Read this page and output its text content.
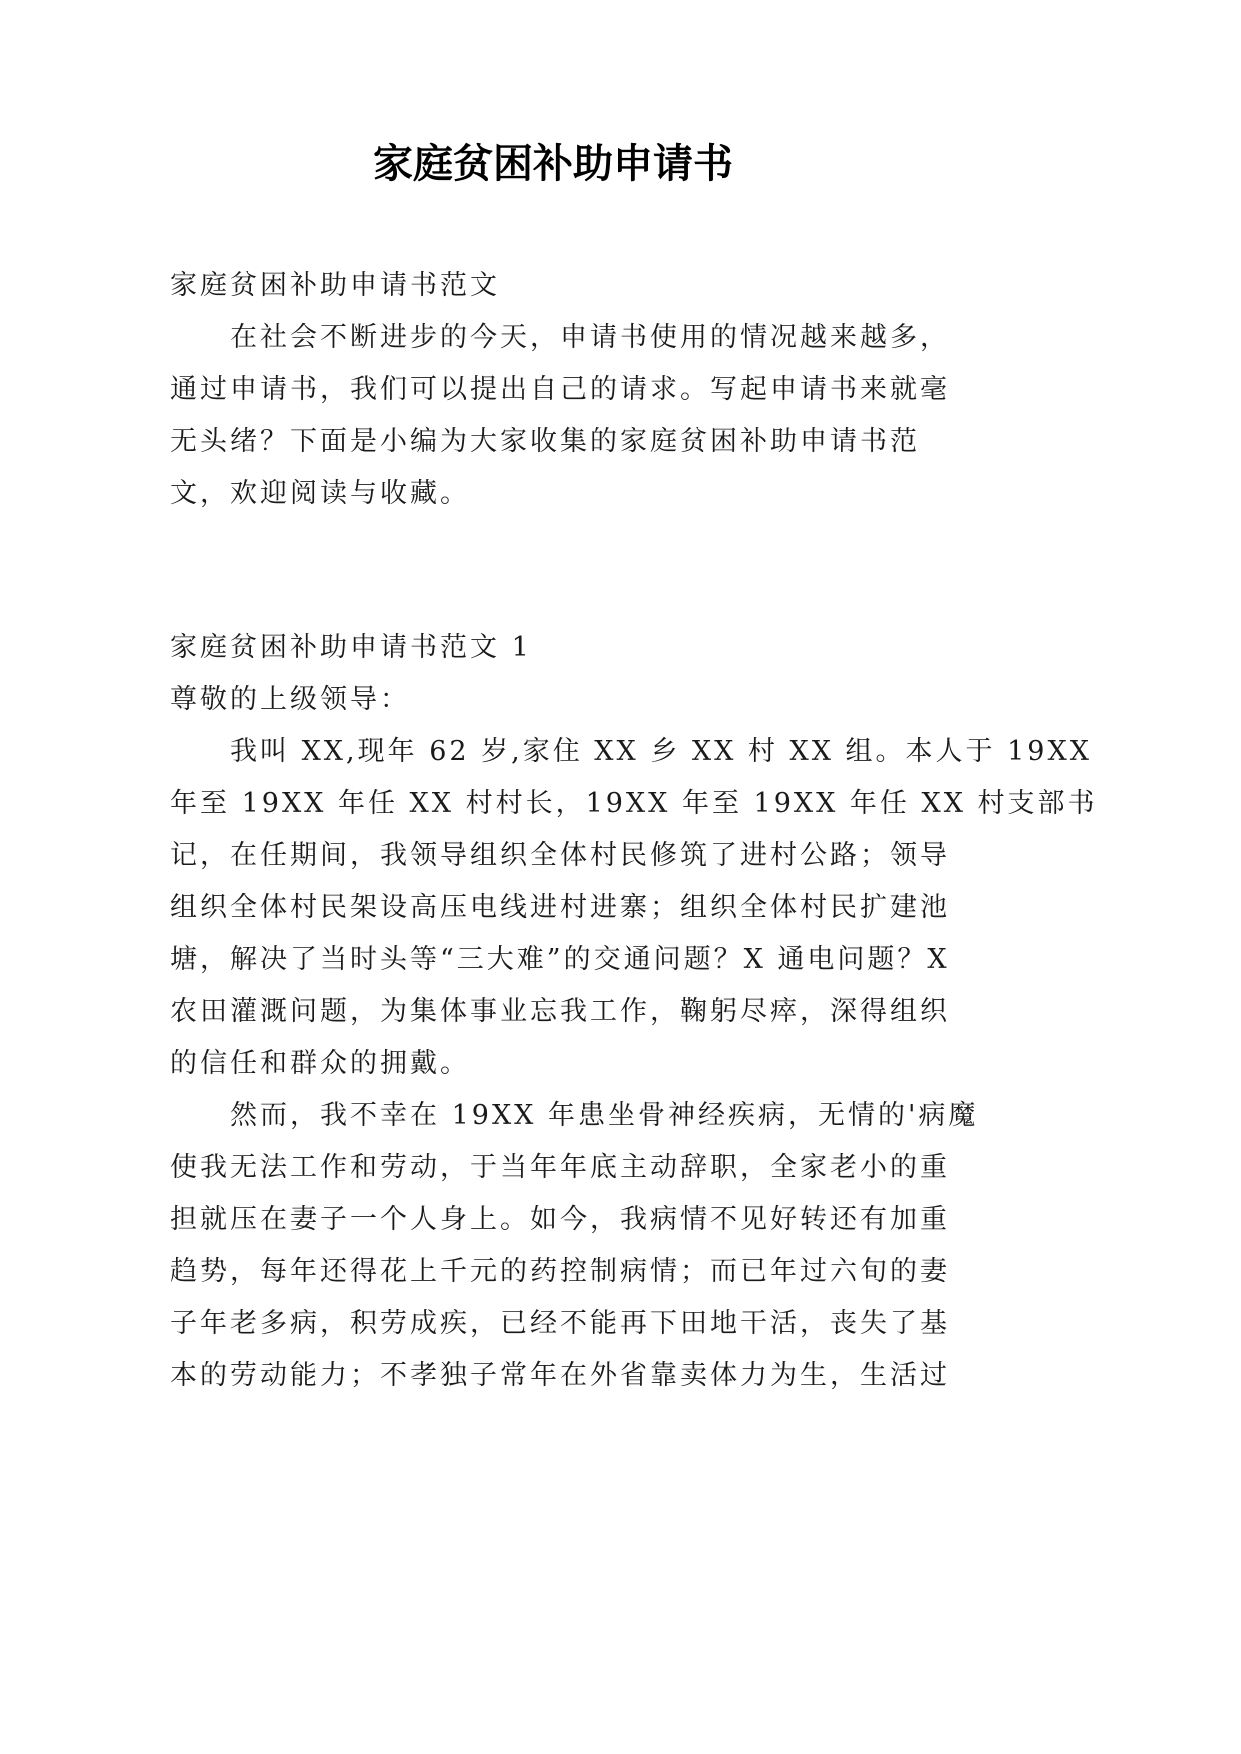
家庭贫困补助申请书
家庭贫困补助申请书范文
在社会不断进步的今天，申请书使用的情况越来越多，
通过申请书，我们可以提出自己的请求。写起申请书来就毫
无头绪？下面是小编为大家收集的家庭贫困补助申请书范
文，欢迎阅读与收藏。
家庭贫困补助申请书范文 1
尊敬的上级领导：
我叫 XX,现年 62 岁,家住 XX 乡 XX 村 XX 组。本人于 19XX
年至 19XX 年任 XX 村村长，19XX 年至 19XX 年任 XX 村支部书
记，在任期间，我领导组织全体村民修筑了进村公路；领导
组织全体村民架设高压电线进村进寨；组织全体村民扩建池
塘，解决了当时头等“三大难”的交通问题？X 通电问题？X
农田灌溉问题，为集体事业忘我工作，鞠躬尽瘁，深得组织
的信任和群众的拥戴。
然而，我不幸在 19XX 年患坐骨神经疾病，无情的'病魔
使我无法工作和劳动，于当年年底主动辞职，全家老小的重
担就压在妻子一个人身上。如今，我病情不见好转还有加重
趋势，每年还得花上千元的药控制病情；而已年过六旬的妻
子年老多病，积劳成疾，已经不能再下田地干活，丧失了基
本的劳动能力；不孝独子常年在外省靠卖体力为生，生活过
